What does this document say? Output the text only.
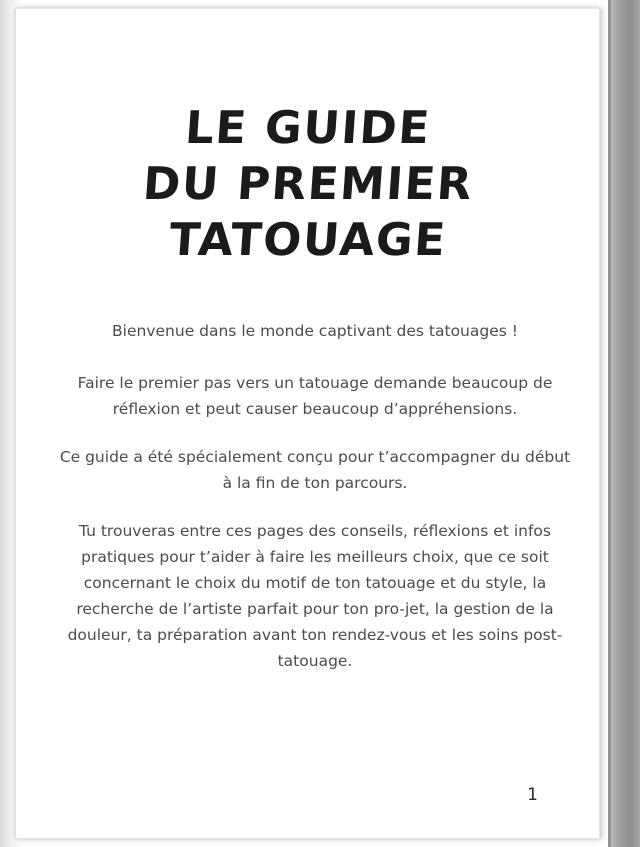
LE GUIDE
DU PREMIER
TATOUAGE

Bienvenue dans le monde captivant des tatouages !

Faire le premier pas vers un tatouage demande beaucoup de réflexion et peut causer beaucoup d’appréhensions.

Ce guide a été spécialement conçu pour t’accompagner du début à la fin de ton parcours.

Tu trouveras entre ces pages des conseils, réflexions et infos pratiques pour t’aider à faire les meilleurs choix, que ce soit concernant le choix du motif de ton tatouage et du style, la recherche de l’artiste parfait pour ton pro-jet, la gestion de la douleur, ta préparation avant ton rendez-vous et les soins post-tatouage.

1
